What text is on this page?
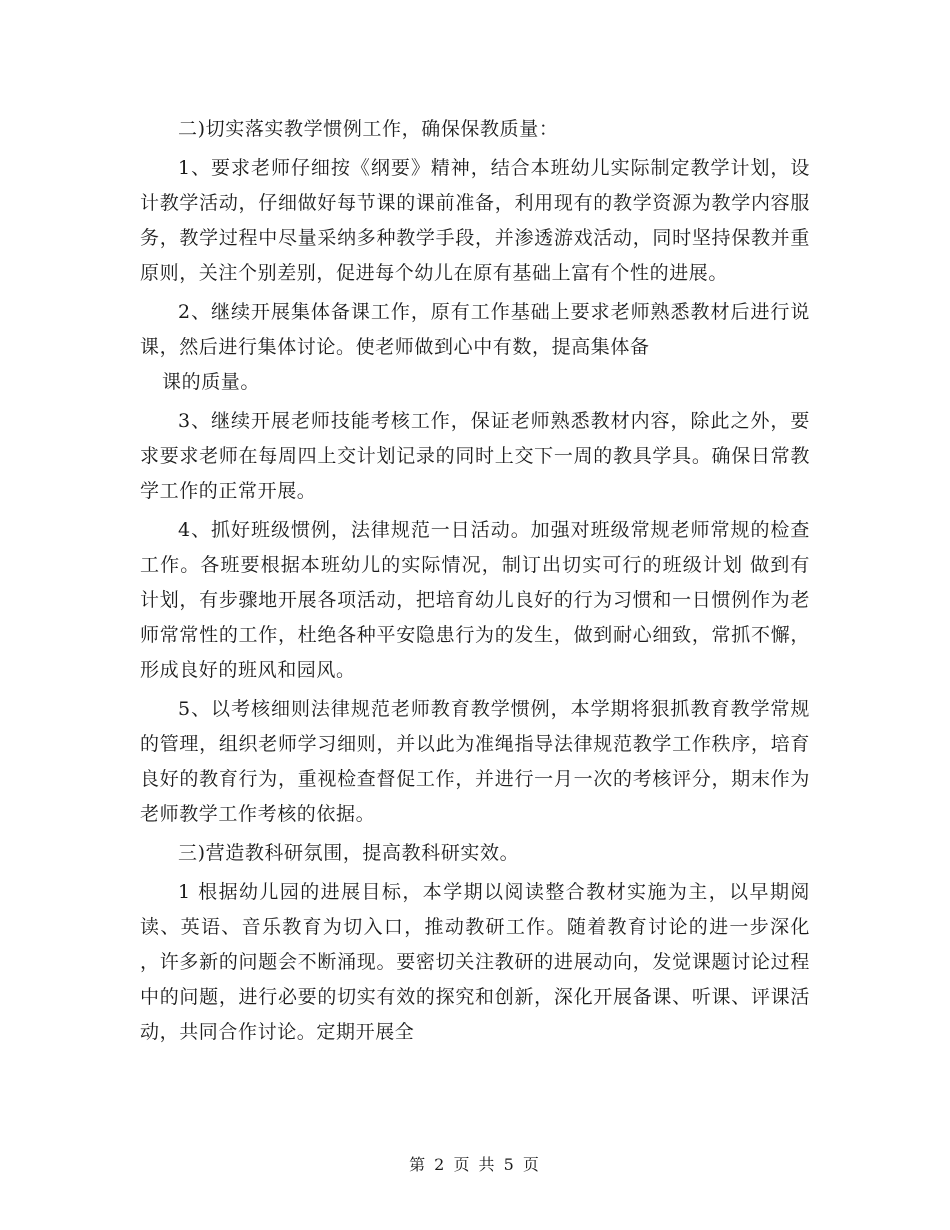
二)切实落实教学惯例工作，确保保教质量：

1、要求老师仔细按《纲要》精神，结合本班幼儿实际制定教学计划，设计教学活动，仔细做好每节课的课前准备，利用现有的教学资源为教学内容服务，教学过程中尽量采纳多种教学手段，并渗透游戏活动，同时坚持保教并重原则，关注个别差别，促进每个幼儿在原有基础上富有个性的进展。

2、继续开展集体备课工作，原有工作基础上要求老师熟悉教材后进行说课，然后进行集体讨论。使老师做到心中有数，提高集体备

课的质量。

3、继续开展老师技能考核工作，保证老师熟悉教材内容，除此之外，要求要求老师在每周四上交计划记录的同时上交下一周的教具学具。确保日常教学工作的正常开展。

4、抓好班级惯例，法律规范一日活动。加强对班级常规老师常规的检查工作。各班要根据本班幼儿的实际情况，制订出切实可行的班级计划 做到有计划，有步骤地开展各项活动，把培育幼儿良好的行为习惯和一日惯例作为老师常常性的工作，杜绝各种平安隐患行为的发生，做到耐心细致，常抓不懈，形成良好的班风和园风。

5、以考核细则法律规范老师教育教学惯例，本学期将狠抓教育教学常规的管理，组织老师学习细则，并以此为准绳指导法律规范教学工作秩序，培育良好的教育行为，重视检查督促工作，并进行一月一次的考核评分，期末作为老师教学工作考核的依据。

三)营造教科研氛围，提高教科研实效。

1 根据幼儿园的进展目标，本学期以阅读整合教材实施为主，以早期阅读、英语、音乐教育为切入口，推动教研工作。随着教育讨论的进一步深化 ，许多新的问题会不断涌现。要密切关注教研的进展动向，发觉课题讨论过程中的问题，进行必要的切实有效的探究和创新，深化开展备课、听课、评课活动，共同合作讨论。定期开展全

第 2 页 共 5 页
